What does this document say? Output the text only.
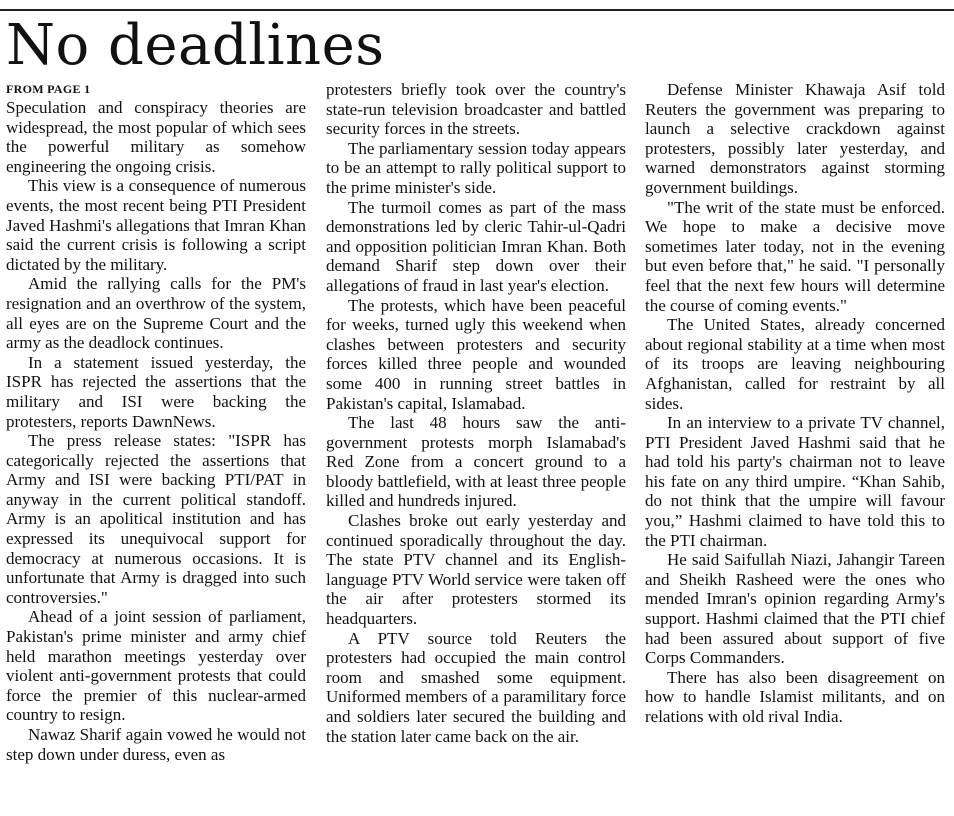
No deadlines
FROM PAGE 1

Speculation and conspiracy theories are widespread, the most popular of which sees the powerful military as somehow engineering the ongoing crisis.

This view is a consequence of numerous events, the most recent being PTI President Javed Hashmi's allegations that Imran Khan said the current crisis is following a script dictated by the military.

Amid the rallying calls for the PM's resignation and an overthrow of the system, all eyes are on the Supreme Court and the army as the deadlock continues.

In a statement issued yesterday, the ISPR has rejected the assertions that the military and ISI were backing the protesters, reports DawnNews.

The press release states: "ISPR has categorically rejected the assertions that Army and ISI were backing PTI/PAT in anyway in the current political standoff. Army is an apolitical institution and has expressed its unequivocal support for democracy at numerous occasions. It is unfortunate that Army is dragged into such controversies."

Ahead of a joint session of parliament, Pakistan's prime minister and army chief held marathon meetings yesterday over violent anti-government protests that could force the premier of this nuclear-armed country to resign.

Nawaz Sharif again vowed he would not step down under duress, even as

protesters briefly took over the country's state-run television broadcaster and battled security forces in the streets.

The parliamentary session today appears to be an attempt to rally political support to the prime minister's side.

The turmoil comes as part of the mass demonstrations led by cleric Tahir-ul-Qadri and opposition politician Imran Khan. Both demand Sharif step down over their allegations of fraud in last year's election.

The protests, which have been peaceful for weeks, turned ugly this weekend when clashes between protesters and security forces killed three people and wounded some 400 in running street battles in Pakistan's capital, Islamabad.

The last 48 hours saw the anti-government protests morph Islamabad's Red Zone from a concert ground to a bloody battlefield, with at least three people killed and hundreds injured.

Clashes broke out early yesterday and continued sporadically throughout the day. The state PTV channel and its English-language PTV World service were taken off the air after protesters stormed its headquarters.

A PTV source told Reuters the protesters had occupied the main control room and smashed some equipment. Uniformed members of a paramilitary force and soldiers later secured the building and the station later came back on the air.

Defense Minister Khawaja Asif told Reuters the government was preparing to launch a selective crackdown against protesters, possibly later yesterday, and warned demonstrators against storming government buildings.

"The writ of the state must be enforced. We hope to make a decisive move sometimes later today, not in the evening but even before that," he said. "I personally feel that the next few hours will determine the course of coming events."

The United States, already concerned about regional stability at a time when most of its troops are leaving neighbouring Afghanistan, called for restraint by all sides.

In an interview to a private TV channel, PTI President Javed Hashmi said that he had told his party's chairman not to leave his fate on any third umpire. “Khan Sahib, do not think that the umpire will favour you,” Hashmi claimed to have told this to the PTI chairman.

He said Saifullah Niazi, Jahangir Tareen and Sheikh Rasheed were the ones who mended Imran's opinion regarding Army's support. Hashmi claimed that the PTI chief had been assured about support of five Corps Commanders.

There has also been disagreement on how to handle Islamist militants, and on relations with old rival India.
